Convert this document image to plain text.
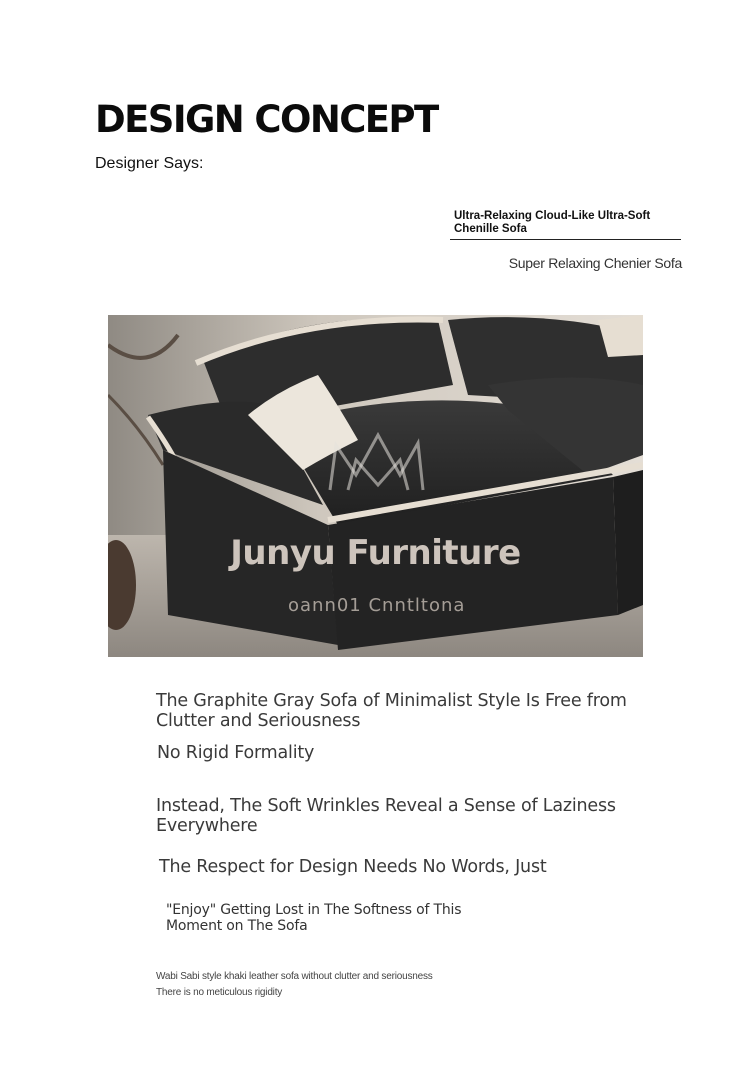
DESIGN CONCEPT
Designer Says:
Ultra-Relaxing Cloud-Like Ultra-Soft Chenille Sofa
Super Relaxing Chenier Sofa
Junyu Furniture
oann01 Cnntltona
The Graphite Gray Sofa of Minimalist Style Is Free from Clutter and Seriousness
No Rigid Formality
Instead, The Soft Wrinkles Reveal a Sense of Laziness Everywhere
The Respect for Design Needs No Words, Just
"Enjoy" Getting Lost in The Softness of This Moment on The Sofa
Wabi Sabi style khaki leather sofa without clutter and seriousness
There is no meticulous rigidity
